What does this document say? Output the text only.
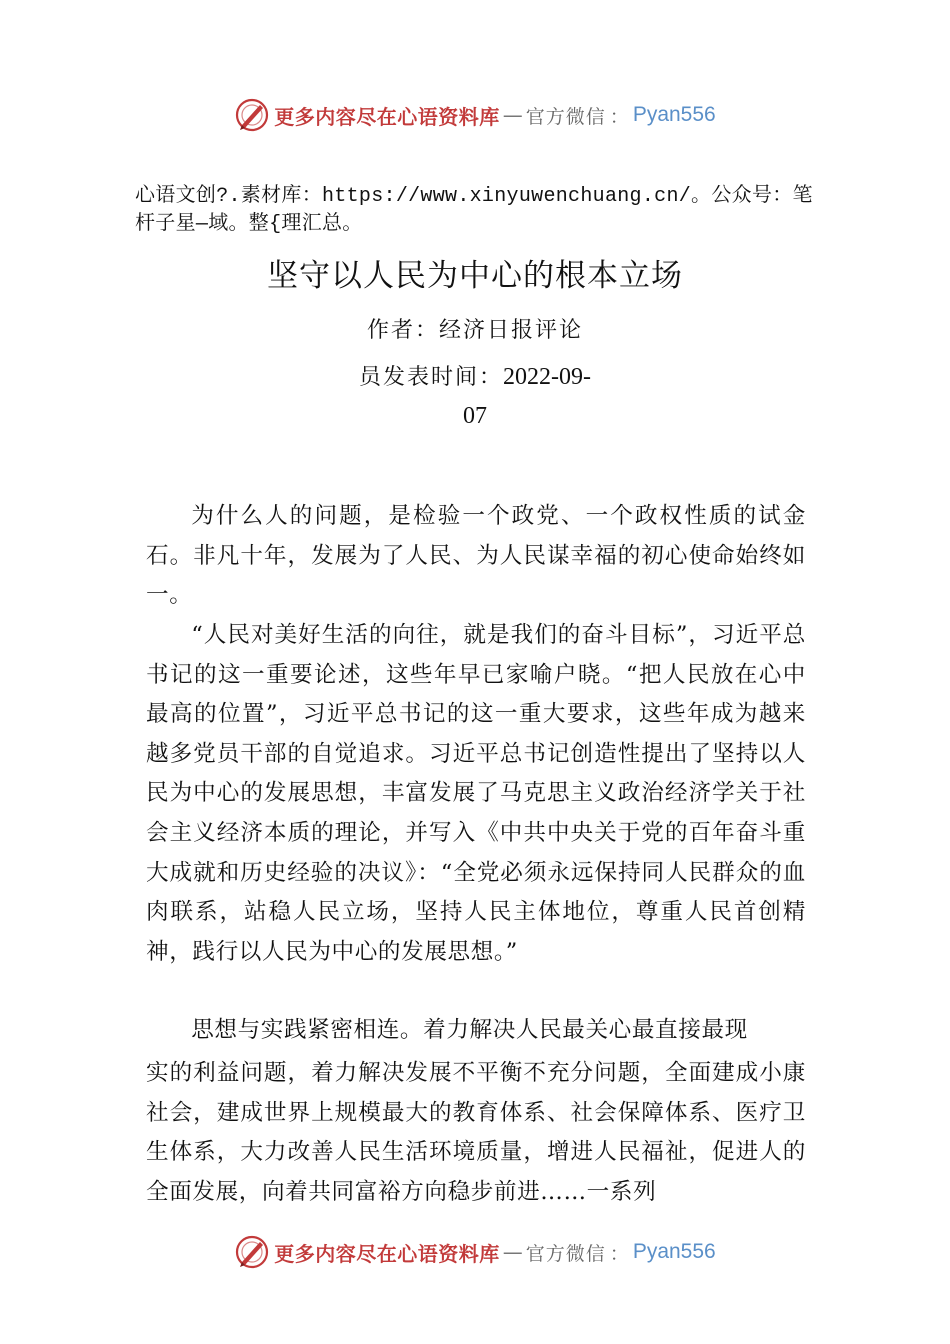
更多内容尽在心语资料库 — 官方微信 ： Pyan556
心语文创?.素材库：https://www.xinyuwenchuang.cn/。公众号：笔杆子星—域。整{理汇总。
坚守以人民为中心的根本立场
作者：经济日报评论
员发表时间：2022-09-
07

为什么人的问题，是检验一个政党、一个政权性质的试金石。非凡十年，发展为了人民、为人民谋幸福的初心使命始终如一。

“人民对美好生活的向往，就是我们的奋斗目标”，习近平总书记的这一重要论述，这些年早已家喻户晓。“把人民放在心中最高的位置”，习近平总书记的这一重大要求，这些年成为越来越多党员干部的自觉追求。习近平总书记创造性提出了坚持以人民为中心的发展思想，丰富发展了马克思主义政治经济学关于社会主义经济本质的理论，并写入《中共中央关于党的百年奋斗重大成就和历史经验的决议》：“全党必须永远保持同人民群众的血肉联系，站稳人民立场，坚持人民主体地位，尊重人民首创精神，践行以人民为中心的发展思想。”

思想与实践紧密相连。着力解决人民最关心最直接最现

实的利益问题，着力解决发展不平衡不充分问题，全面建成小康社会，建成世界上规模最大的教育体系、社会保障体系、医疗卫生体系，大力改善人民生活环境质量，增进人民福祉，促进人的全面发展，向着共同富裕方向稳步前进……一系列

更多内容尽在心语资料库 — 官方微信 ： Pyan556
